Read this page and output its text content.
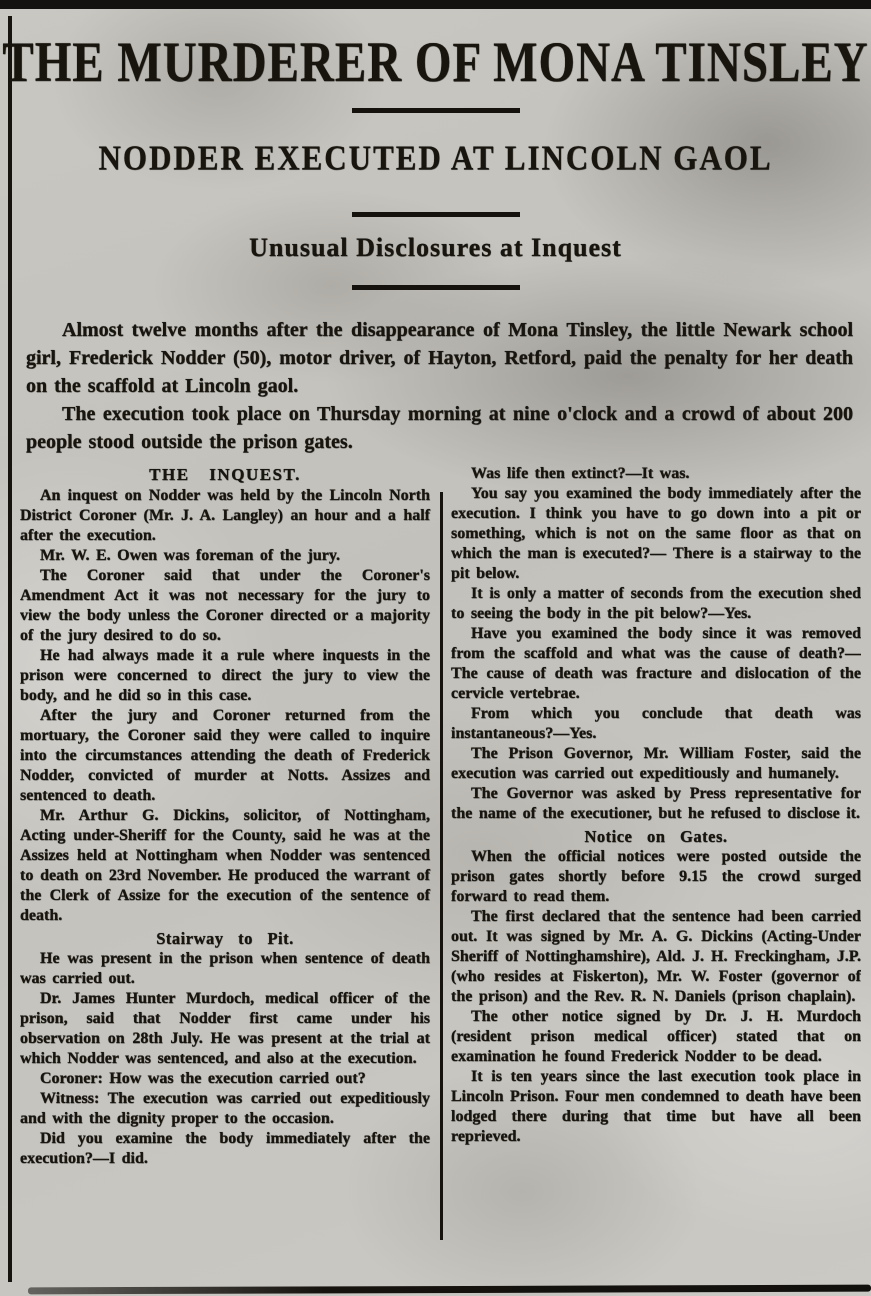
THE MURDERER OF MONA TINSLEY
NODDER EXECUTED AT LINCOLN GAOL
Unusual Disclosures at Inquest

Almost twelve months after the disappearance of Mona Tinsley, the little Newark school girl, Frederick Nodder (50), motor driver, of Hayton, Retford, paid the penalty for her death on the scaffold at Lincoln gaol.

The execution took place on Thursday morning at nine o'clock and a crowd of about 200 people stood outside the prison gates.

THE INQUEST.

An inquest on Nodder was held by the Lincoln North District Coroner (Mr. J. A. Langley) an hour and a half after the execution.

Mr. W. E. Owen was foreman of the jury.

The Coroner said that under the Coroner's Amendment Act it was not necessary for the jury to view the body unless the Coroner directed or a majority of the jury desired to do so.

He had always made it a rule where inquests in the prison were concerned to direct the jury to view the body, and he did so in this case.

After the jury and Coroner returned from the mortuary, the Coroner said they were called to inquire into the circumstances attending the death of Frederick Nodder, convicted of murder at Notts. Assizes and sentenced to death.

Mr. Arthur G. Dickins, solicitor, of Nottingham, Acting under-Sheriff for the County, said he was at the Assizes held at Nottingham when Nodder was sentenced to death on 23rd November. He produced the warrant of the Clerk of Assize for the execution of the sentence of death.

Stairway to Pit.

He was present in the prison when sentence of death was carried out.

Dr. James Hunter Murdoch, medical officer of the prison, said that Nodder first came under his observation on 28th July. He was present at the trial at which Nodder was sentenced, and also at the execution.

Coroner: How was the execution carried out?

Witness: The execution was carried out expeditiously and with the dignity proper to the occasion.

Did you examine the body immediately after the execution?—I did.

Was life then extinct?—It was.

You say you examined the body immediately after the execution. I think you have to go down into a pit or something, which is not on the same floor as that on which the man is executed?— There is a stairway to the pit below.

It is only a matter of seconds from the execution shed to seeing the body in the pit below?—Yes.

Have you examined the body since it was removed from the scaffold and what was the cause of death?—The cause of death was fracture and dislocation of the cervicle vertebrae.

From which you conclude that death was instantaneous?—Yes.

The Prison Governor, Mr. William Foster, said the execution was carried out expeditiously and humanely.

The Governor was asked by Press representative for the name of the executioner, but he refused to disclose it.

Notice on Gates.

When the official notices were posted outside the prison gates shortly before 9.15 the crowd surged forward to read them.

The first declared that the sentence had been carried out. It was signed by Mr. A. G. Dickins (Acting-Under Sheriff of Nottinghamshire), Ald. J. H. Freckingham, J.P. (who resides at Fiskerton), Mr. W. Foster (governor of the prison) and the Rev. R. N. Daniels (prison chaplain).

The other notice signed by Dr. J. H. Murdoch (resident prison medical officer) stated that on examination he found Frederick Nodder to be dead.

It is ten years since the last execution took place in Lincoln Prison. Four men condemned to death have been lodged there during that time but have all been reprieved.
